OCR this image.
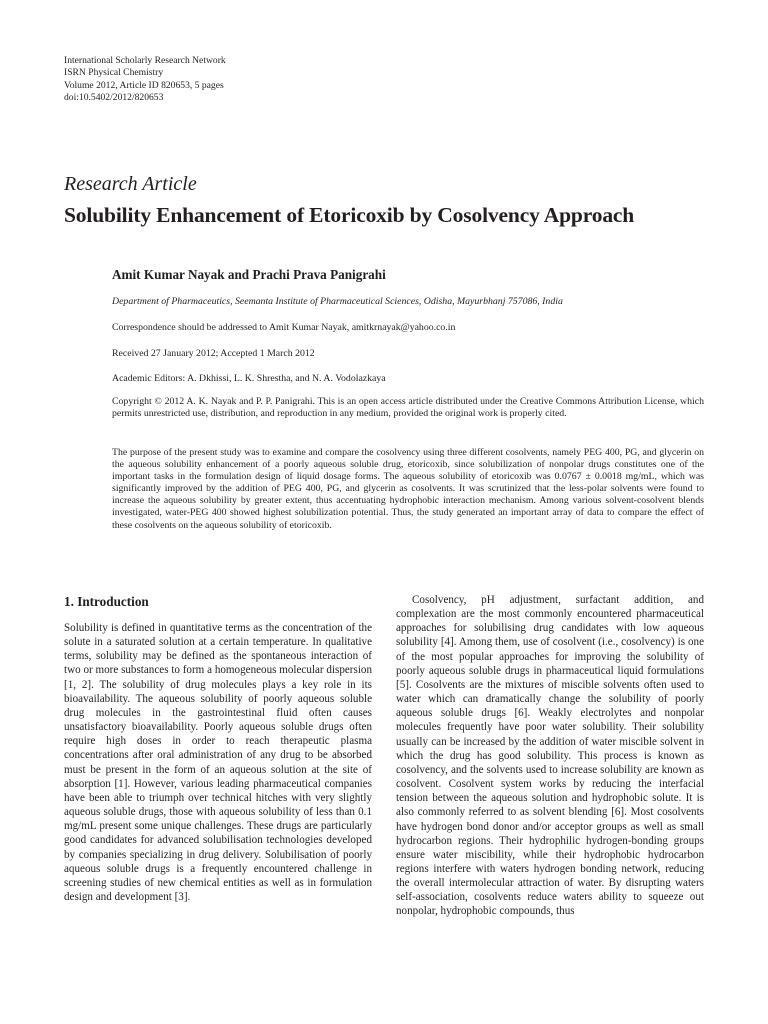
International Scholarly Research Network
ISRN Physical Chemistry
Volume 2012, Article ID 820653, 5 pages
doi:10.5402/2012/820653
Research Article
Solubility Enhancement of Etoricoxib by Cosolvency Approach
Amit Kumar Nayak and Prachi Prava Panigrahi
Department of Pharmaceutics, Seemanta Institute of Pharmaceutical Sciences, Odisha, Mayurbhanj 757086, India
Correspondence should be addressed to Amit Kumar Nayak, amitkrnayak@yahoo.co.in
Received 27 January 2012; Accepted 1 March 2012
Academic Editors: A. Dkhissi, L. K. Shrestha, and N. A. Vodolazkaya
Copyright © 2012 A. K. Nayak and P. P. Panigrahi. This is an open access article distributed under the Creative Commons Attribution License, which permits unrestricted use, distribution, and reproduction in any medium, provided the original work is properly cited.
The purpose of the present study was to examine and compare the cosolvency using three different cosolvents, namely PEG 400, PG, and glycerin on the aqueous solubility enhancement of a poorly aqueous soluble drug, etoricoxib, since solubilization of nonpolar drugs constitutes one of the important tasks in the formulation design of liquid dosage forms. The aqueous solubility of etoricoxib was 0.0767 ± 0.0018 mg/mL, which was significantly improved by the addition of PEG 400, PG, and glycerin as cosolvents. It was scrutinized that the less-polar solvents were found to increase the aqueous solubility by greater extent, thus accentuating hydrophobic interaction mechanism. Among various solvent-cosolvent blends investigated, water-PEG 400 showed highest solubilization potential. Thus, the study generated an important array of data to compare the effect of these cosolvents on the aqueous solubility of etoricoxib.
1. Introduction

Solubility is defined in quantitative terms as the concentration of the solute in a saturated solution at a certain temperature. In qualitative terms, solubility may be defined as the spontaneous interaction of two or more substances to form a homogeneous molecular dispersion [1, 2]. The solubility of drug molecules plays a key role in its bioavailability. The aqueous solubility of poorly aqueous soluble drug molecules in the gastrointestinal fluid often causes unsatisfactory bioavailability. Poorly aqueous soluble drugs often require high doses in order to reach therapeutic plasma concentrations after oral administration of any drug to be absorbed must be present in the form of an aqueous solution at the site of absorption [1]. However, various leading pharmaceutical companies have been able to triumph over technical hitches with very slightly aqueous soluble drugs, those with aqueous solubility of less than 0.1 mg/mL present some unique challenges. These drugs are particularly good candidates for advanced solubilisation technologies developed by companies specializing in drug delivery. Solubilisation of poorly aqueous soluble drugs is a frequently encountered challenge in screening studies of new chemical entities as well as in formulation design and development [3].

Cosolvency, pH adjustment, surfactant addition, and complexation are the most commonly encountered pharmaceutical approaches for solubilising drug candidates with low aqueous solubility [4]. Among them, use of cosolvent (i.e., cosolvency) is one of the most popular approaches for improving the solubility of poorly aqueous soluble drugs in pharmaceutical liquid formulations [5]. Cosolvents are the mixtures of miscible solvents often used to water which can dramatically change the solubility of poorly aqueous soluble drugs [6]. Weakly electrolytes and nonpolar molecules frequently have poor water solubility. Their solubility usually can be increased by the addition of water miscible solvent in which the drug has good solubility. This process is known as cosolvency, and the solvents used to increase solubility are known as cosolvent. Cosolvent system works by reducing the interfacial tension between the aqueous solution and hydrophobic solute. It is also commonly referred to as solvent blending [6]. Most cosolvents have hydrogen bond donor and/or acceptor groups as well as small hydrocarbon regions. Their hydrophilic hydrogen-bonding groups ensure water miscibility, while their hydrophobic hydrocarbon regions interfere with waters hydrogen bonding network, reducing the overall intermolecular attraction of water. By disrupting waters self-association, cosolvents reduce waters ability to squeeze out nonpolar, hydrophobic compounds, thus
